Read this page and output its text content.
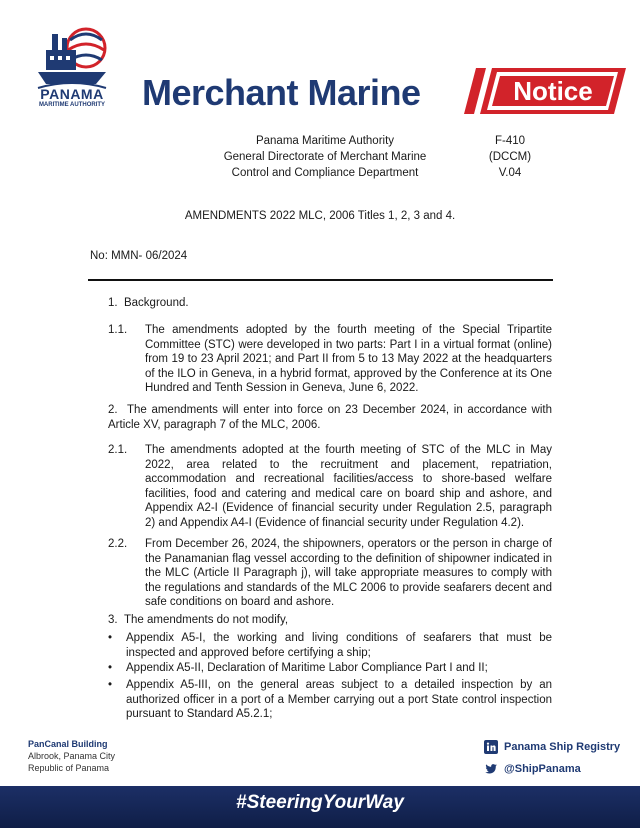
PANAMA
MARITIME AUTHORITY Merchant Marine	Notice
Panama Maritime Authority
General Directorate of Merchant Marine
Control and Compliance Department
F-410
(DCCM)
V.04
AMENDMENTS 2022 MLC, 2006 Titles 1, 2, 3 and 4.
No: MMN- 06/2024
1.  Background.
1.1. The amendments adopted by the fourth meeting of the Special Tripartite Committee (STC) were developed in two parts: Part I in a virtual format (online) from 19 to 23 April 2021; and Part II from 5 to 13 May 2022 at the headquarters of the ILO in Geneva, in a hybrid format, approved by the Conference at its One Hundred and Tenth Session in Geneva, June 6, 2022.
2.  The amendments will enter into force on 23 December 2024, in accordance with Article XV, paragraph 7 of the MLC, 2006.
2.1. The amendments adopted at the fourth meeting of STC of the MLC in May 2022, area related to the recruitment and placement, repatriation, accommodation and recreational facilities/access to shore-based welfare facilities, food and catering and medical care on board ship and ashore, and Appendix A2-I (Evidence of financial security under Regulation 2.5, paragraph 2) and Appendix A4-I (Evidence of financial security under Regulation 4.2).
2.2. From December 26, 2024, the shipowners, operators or the person in charge of the Panamanian flag vessel according to the definition of shipowner indicated in the MLC (Article II Paragraph j), will take appropriate measures to comply with the regulations and standards of the MLC 2006 to provide seafarers decent and safe conditions on board and ashore.
3.  The amendments do not modify,
• Appendix A5-I, the working and living conditions of seafarers that must be inspected and approved before certifying a ship;
• Appendix A5-II, Declaration of Maritime Labor Compliance Part I and II;
• Appendix A5-III, on the general areas subject to a detailed inspection by an authorized officer in a port of a Member carrying out a port State control inspection pursuant to Standard A5.2.1;
PanCanal Building
Albrook, Panama City
Republic of Panama
Panama Ship Registry
@ShipPanama
#SteeringYourWay
